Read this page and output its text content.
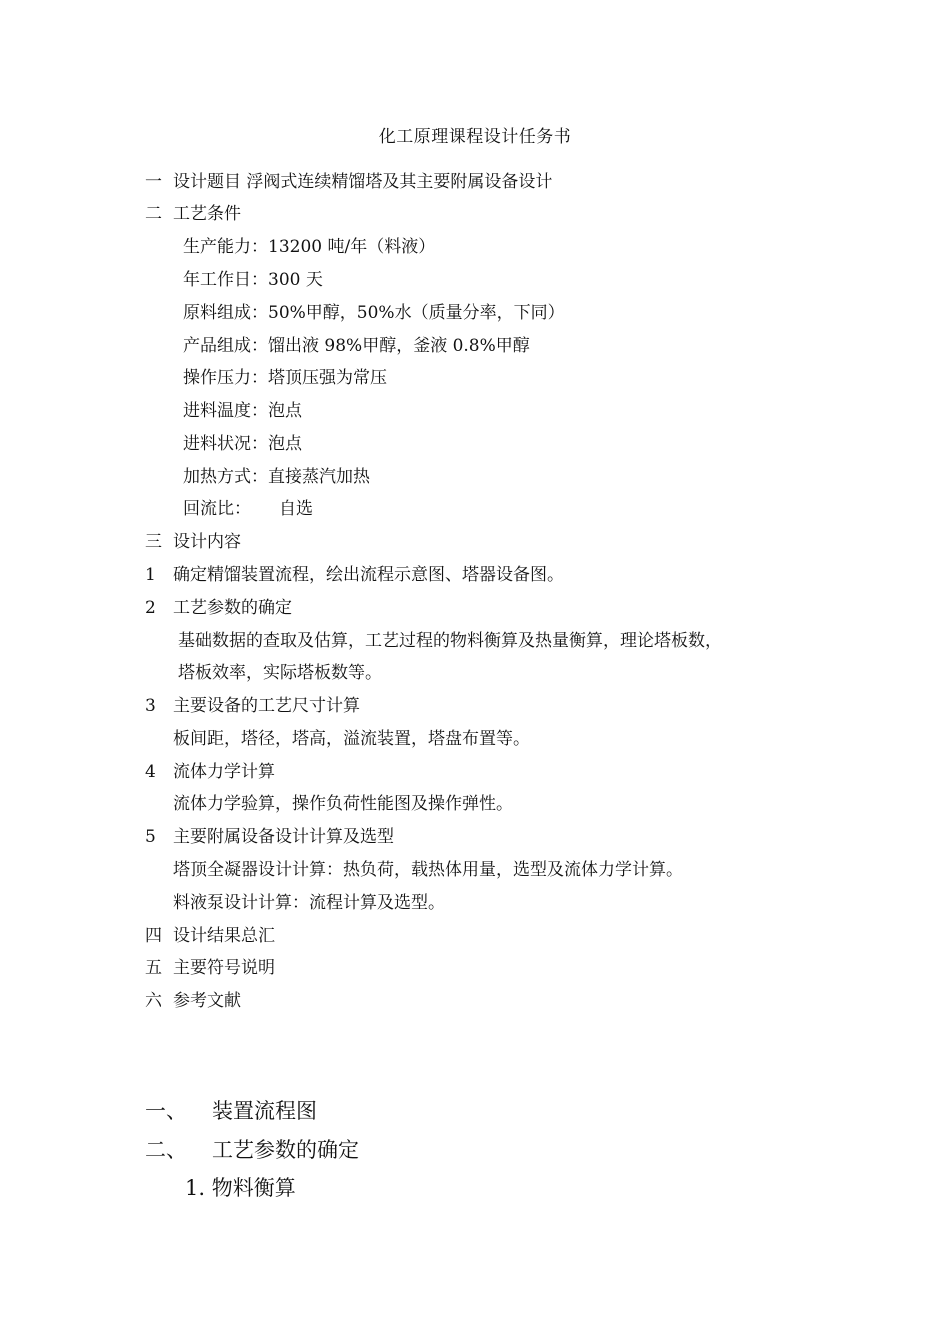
化工原理课程设计任务书
一 设计题目 浮阀式连续精馏塔及其主要附属设备设计
二 工艺条件
生产能力：13200 吨/年（料液）
年工作日：300 天
原料组成：50%甲醇，50%水（质量分率，下同）
产品组成：馏出液 98%甲醇，釜液 0.8%甲醇
操作压力：塔顶压强为常压
进料温度：泡点
进料状况：泡点
加热方式：直接蒸汽加热
回流比： 自选
三 设计内容
1 确定精馏装置流程，绘出流程示意图、塔器设备图。
2 工艺参数的确定
基础数据的查取及估算，工艺过程的物料衡算及热量衡算，理论塔板数，
塔板效率，实际塔板数等。
3 主要设备的工艺尺寸计算
板间距，塔径，塔高，溢流装置，塔盘布置等。
4 流体力学计算
流体力学验算，操作负荷性能图及操作弹性。
5 主要附属设备设计计算及选型
塔顶全凝器设计计算：热负荷，载热体用量，选型及流体力学计算。
料液泵设计计算：流程计算及选型。
四 设计结果总汇
五 主要符号说明
六 参考文献
一、 装置流程图
二、 工艺参数的确定
1. 物料衡算
